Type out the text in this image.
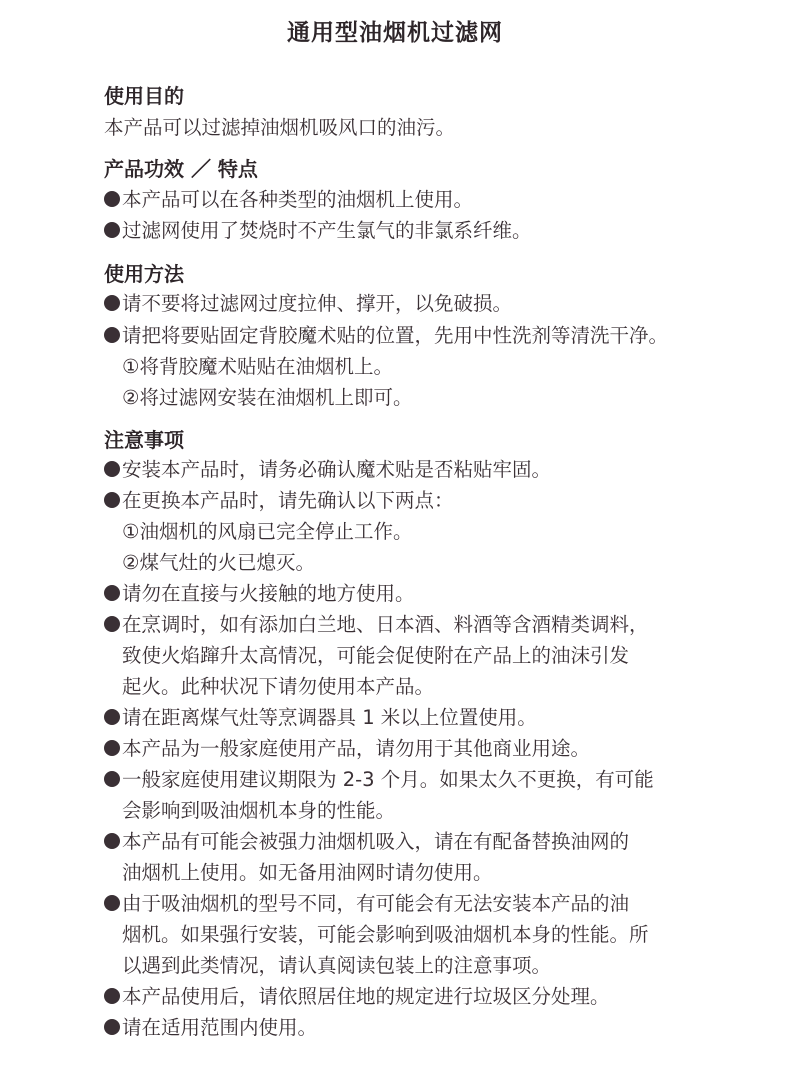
通用型油烟机过滤网
使用目的
本产品可以过滤掉油烟机吸风口的油污。
产品功效 ／ 特点
本产品可以在各种类型的油烟机上使用。
过滤网使用了焚烧时不产生氯气的非氯系纤维。
使用方法
请不要将过滤网过度拉伸、撑开，以免破损。
请把将要贴固定背胶魔术贴的位置，先用中性洗剂等清洗干净。
①将背胶魔术贴贴在油烟机上。
②将过滤网安装在油烟机上即可。
注意事项
安装本产品时，请务必确认魔术贴是否粘贴牢固。
在更换本产品时，请先确认以下两点：
①油烟机的风扇已完全停止工作。
②煤气灶的火已熄灭。
请勿在直接与火接触的地方使用。
在烹调时，如有添加白兰地、日本酒、料酒等含酒精类调料，
致使火焰蹿升太高情况，可能会促使附在产品上的油沫引发
起火。此种状况下请勿使用本产品。
请在距离煤气灶等烹调器具 1 米以上位置使用。
本产品为一般家庭使用产品，请勿用于其他商业用途。
一般家庭使用建议期限为 2-3 个月。如果太久不更换，有可能
会影响到吸油烟机本身的性能。
本产品有可能会被强力油烟机吸入，请在有配备替换油网的
油烟机上使用。如无备用油网时请勿使用。
由于吸油烟机的型号不同，有可能会有无法安装本产品的油
烟机。如果强行安装，可能会影响到吸油烟机本身的性能。所
以遇到此类情况，请认真阅读包装上的注意事项。
本产品使用后，请依照居住地的规定进行垃圾区分处理。
请在适用范围内使用。
